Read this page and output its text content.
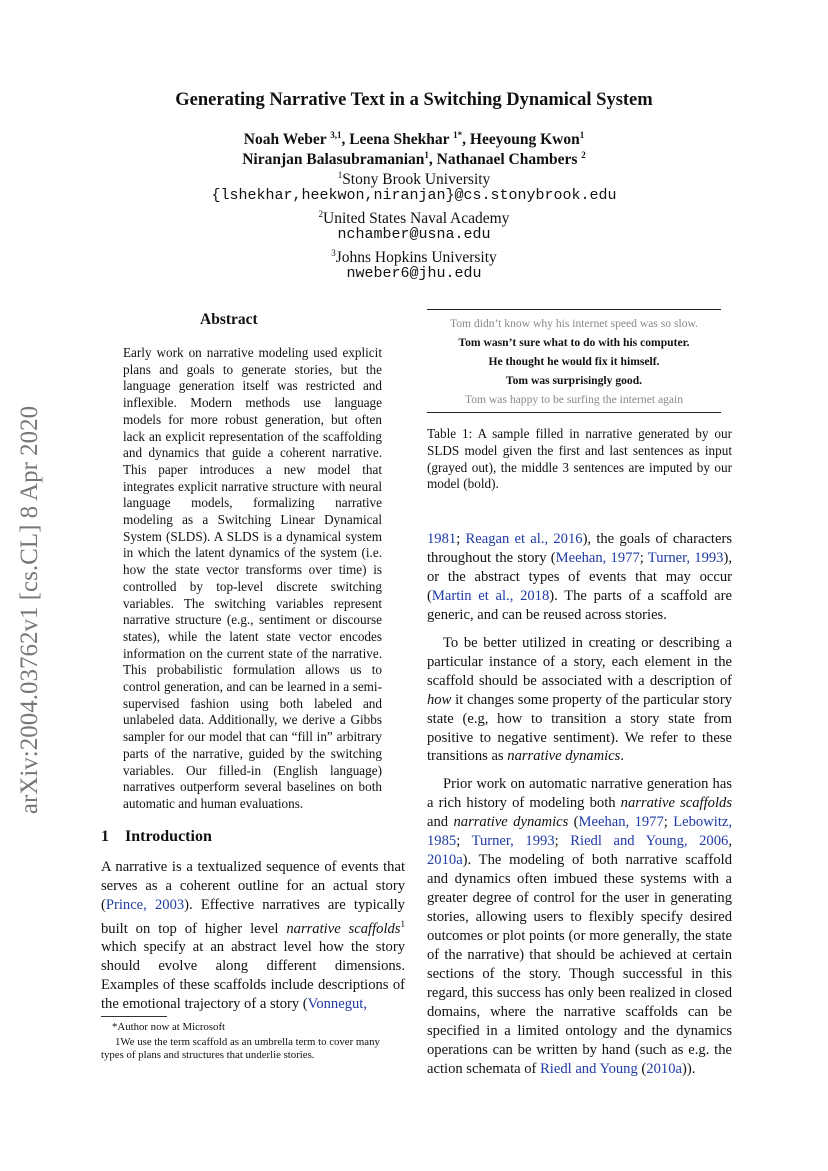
Generating Narrative Text in a Switching Dynamical System
Noah Weber $^{3,1}$, Leena Shekhar $^{1*}$, Heeyoung Kwon$^1$
Niranjan Balasubramanian$^1$, Nathanael Chambers $^2$
$^1$Stony Brook University
{lshekhar,heekwon,niranjan}@cs.stonybrook.edu
$^2$United States Naval Academy
nchamber@usna.edu
$^3$Johns Hopkins University
nweber6@jhu.edu
arXiv:2004.03762v1 [cs.CL] 8 Apr 2020
Abstract
Early work on narrative modeling used explicit plans and goals to generate stories, but the language generation itself was restricted and inflexible. Modern methods use language models for more robust generation, but often lack an explicit representation of the scaffolding and dynamics that guide a coherent narrative. This paper introduces a new model that integrates explicit narrative structure with neural language models, formalizing narrative modeling as a Switching Linear Dynamical System (SLDS). A SLDS is a dynamical system in which the latent dynamics of the system (i.e. how the state vector transforms over time) is controlled by top-level discrete switching variables. The switching variables represent narrative structure (e.g., sentiment or discourse states), while the latent state vector encodes information on the current state of the narrative. This probabilistic formulation allows us to control generation, and can be learned in a semi-supervised fashion using both labeled and unlabeled data. Additionally, we derive a Gibbs sampler for our model that can “fill in” arbitrary parts of the narrative, guided by the switching variables. Our filled-in (English language) narratives outperform several baselines on both automatic and human evaluations.
1 Introduction
A narrative is a textualized sequence of events that serves as a coherent outline for an actual story (Prince, 2003). Effective narratives are typically built on top of higher level narrative scaffolds$^1$ which specify at an abstract level how the story should evolve along different dimensions. Examples of these scaffolds include descriptions of the emotional trajectory of a story (Vonnegut,
*Author now at Microsoft
1We use the term scaffold as an umbrella term to cover many types of plans and structures that underlie stories.
Tom didn’t know why his internet speed was so slow.
Tom wasn’t sure what to do with his computer.
He thought he would fix it himself.
Tom was surprisingly good.
Tom was happy to be surfing the internet again
Table 1: A sample filled in narrative generated by our SLDS model given the first and last sentences as input (grayed out), the middle 3 sentences are imputed by our model (bold).

1981; Reagan et al., 2016), the goals of characters throughout the story (Meehan, 1977; Turner, 1993), or the abstract types of events that may occur (Martin et al., 2018). The parts of a scaffold are generic, and can be reused across stories.

To be better utilized in creating or describing a particular instance of a story, each element in the scaffold should be associated with a description of how it changes some property of the particular story state (e.g, how to transition a story state from positive to negative sentiment). We refer to these transitions as narrative dynamics.

Prior work on automatic narrative generation has a rich history of modeling both narrative scaffolds and narrative dynamics (Meehan, 1977; Lebowitz, 1985; Turner, 1993; Riedl and Young, 2006, 2010a). The modeling of both narrative scaffold and dynamics often imbued these systems with a greater degree of control for the user in generating stories, allowing users to flexibly specify desired outcomes or plot points (or more generally, the state of the narrative) that should be achieved at certain sections of the story. Though successful in this regard, this success has only been realized in closed domains, where the narrative scaffolds can be specified in a limited ontology and the dynamics operations can be written by hand (such as e.g. the action schemata of Riedl and Young (2010a)).
